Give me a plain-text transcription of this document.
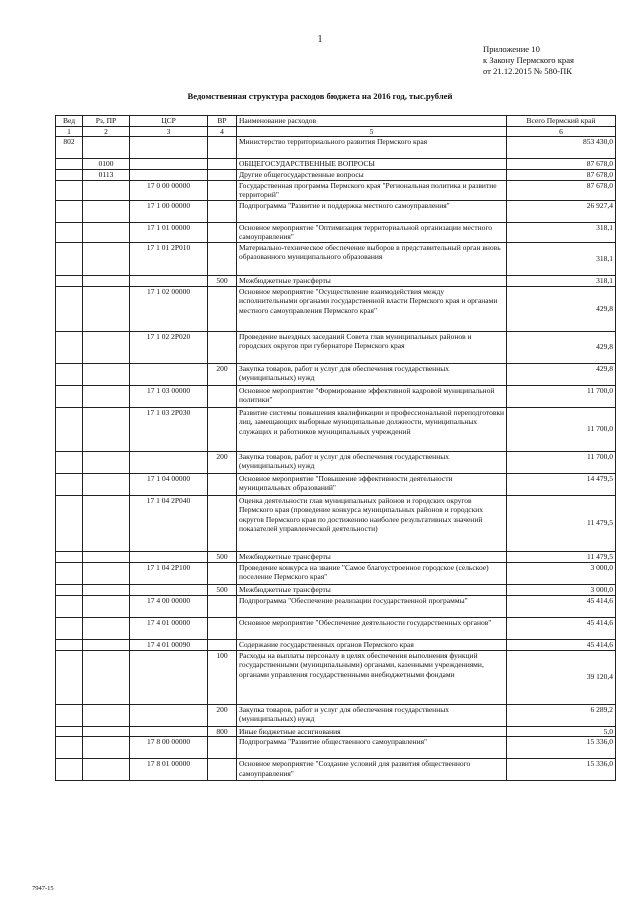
1
Приложение 10
к Закону Пермского края
от 21.12.2015 № 580-ПК
Ведомственная структура расходов бюджета на 2016 год, тыс.рублей
Вед	Рз, ПР	ЦСР	ВР	Наименование расходов	Всего Пермский край
1	2	3	4	5	6
802				Министерство территориального развития Пермского края	853 430,0
	0100			ОБЩЕГОСУДАРСТВЕННЫЕ ВОПРОСЫ	87 678,0
	0113			Другие общегосударственные вопросы	87 678,0
		17 0 00 00000		Государственная программа Пермского края "Региональная политика и развитие территорий"	87 678,0
		17 1 00 00000		Подпрограмма "Развитие и поддержка местного самоуправления"	26 927,4
		17 1 01 00000		Основное мероприятие "Оптимизация территориальной организации местного самоуправления"	318,1
		17 1 01 2Р010		Материально-техническое обеспечение выборов в представительный орган вновь образованного муниципального образования	318,1
			500	Межбюджетные трансферты	318,1
		17 1 02 00000		Основное мероприятие "Осуществление взаимодействия между исполнительными органами государственной власти Пермского края и органами местного самоуправления Пермского края"	429,8
		17 1 02 2Р020		Проведение выездных заседаний Совета глав муниципальных районов и городских округов при губернаторе Пермского края	429,8
			200	Закупка товаров, работ и услуг для обеспечения государственных (муниципальных) нужд	429,8
		17 1 03 00000		Основное мероприятие "Формирование эффективной кадровой муниципальной политики"	11 700,0
		17 1 03 2Р030		Развитие системы повышения квалификации и профессиональной переподготовки лиц, замещающих выборные муниципальные должности, муниципальных служащих и работников муниципальных учреждений	11 700,0
			200	Закупка товаров, работ и услуг для обеспечения государственных (муниципальных) нужд	11 700,0
		17 1 04 00000		Основное мероприятие "Повышение эффективности деятельности муниципальных образований"	14 479,5
		17 1 04 2Р040		Оценка деятельности глав муниципальных районов и городских округов Пермского края (проведение конкурса муниципальных районов и городских округов Пермского края по достижению наиболее результативных значений показателей управленческой деятельности)	11 479,5
			500	Межбюджетные трансферты	11 479,5
		17 1 04 2Р100		Проведение конкурса на звание "Самое благоустроенное городское (сельское) поселение Пермского края"	3 000,0
			500	Межбюджетные трансферты	3 000,0
		17 4 00 00000		Подпрограмма "Обеспечение реализации государственной программы"	45 414,6
		17 4 01 00000		Основное мероприятие "Обеспечение деятельности государственных органов"	45 414,6
		17 4 01 00090		Содержание государственных органов Пермского края	45 414,6
			100	Расходы на выплаты персоналу в целях обеспечения выполнения функций государственными (муниципальными) органами, казенными учреждениями, органами управления государственными внебюджетными фондами	39 120,4
			200	Закупка товаров, работ и услуг для обеспечения государственных (муниципальных) нужд	6 289,2
			800	Иные бюджетные ассигнования	5,0
		17 8 00 00000		Подпрограмма "Развитие общественного самоуправления"	15 336,0
		17 8 01 00000		Основное мероприятие "Создание условий для развития общественного самоуправления"	15 336,0
7947-15
